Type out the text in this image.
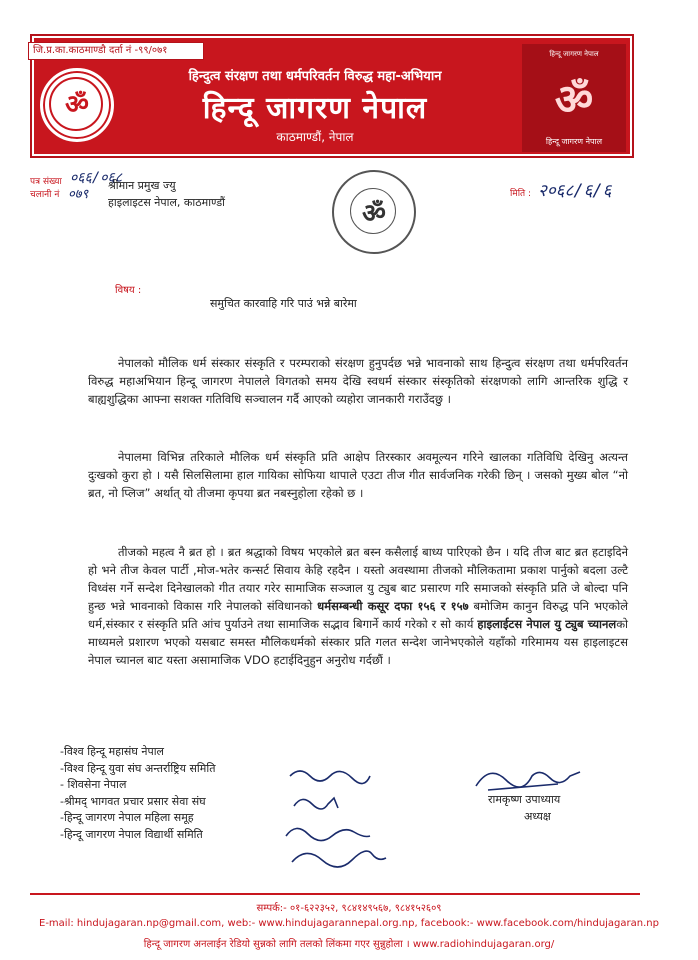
जि.प्र.का.काठमाण्डौ दर्ता नं -९९/०७१
ॐ
हिन्दुत्व संरक्षण तथा धर्मपरिवर्तन विरुद्ध महा-अभियान
हिन्दू जागरण नेपाल
काठमाण्डौं, नेपाल
हिन्दू जागरण नेपाल
ॐ
हिन्दू जागरण नेपाल
पत्र संख्या ०६६/०६८
चलानी नं ०७९
श्रीमान प्रमुख ज्यु
हाइलाइटस नेपाल, काठमाण्डौं	ॐ
मिति : २०६८/६/६
विषय :
समुचित कारवाहि गरि पाउं भन्ने बारेमा
नेपालको मौलिक धर्म संस्कार संस्कृति र परम्पराको संरक्षण हुनुपर्दछ भन्ने भावनाको साथ हिन्दुत्व संरक्षण तथा धर्मपरिवर्तन विरुद्ध महाअभियान हिन्दू जागरण नेपालले विगतको समय देखि स्वधर्म संस्कार संस्कृतिको संरक्षणको लागि आन्तरिक शुद्धि र बाह्यशुद्धिका आफ्ना सशक्त गतिविधि सञ्चालन गर्दै आएको व्यहोरा जानकारी गराउँदछु ।
नेपालमा विभिन्न तरिकाले मौलिक धर्म संस्कृति प्रति आक्षेप तिरस्कार अवमूल्यन गरिने खालका गतिविधि देखिनु अत्यन्त दुःखको कुरा हो । यसै सिलसिलामा हाल गायिका सोफिया थापाले एउटा तीज गीत सार्वजनिक गरेकी छिन् । जसको मुख्य बोल “नो ब्रत, नो प्लिज” अर्थात् यो तीजमा कृपया ब्रत नबस्नुहोला रहेको छ ।
तीजको महत्व नै ब्रत हो । ब्रत श्रद्धाको विषय भएकोले ब्रत बस्न कसैलाई बाध्य पारिएको छैन । यदि तीज बाट ब्रत हटाइदिने हो भने तीज केवल पार्टी ,मोज-भतेर कन्सर्ट सिवाय केहि रहदैन । यस्तो अवस्थामा तीजको मौलिकतामा प्रकाश पार्नुको बदला उल्टै विध्वंस गर्ने सन्देश दिनेखालको गीत तयार गरेर सामाजिक सञ्जाल यु ट्युब बाट प्रसारण गरि समाजको संस्कृति प्रति जे बोल्दा पनि हुन्छ भन्ने भावनाको विकास गरि नेपालको संविधानको धर्मसम्बन्धी कसूर दफा १५६ र १५७ बमोजिम कानुन विरुद्ध पनि भएकोले धर्म,संस्कार र संस्कृति प्रति आंच पुर्याउने तथा सामाजिक सद्भाव बिगार्ने कार्य गरेको र सो कार्य हाइलाईटस नेपाल यु ट्युब च्यानलको माध्यमले प्रशारण भएको यसबाट समस्त मौलिकधर्मको संस्कार प्रति गलत सन्देश जानेभएकोले यहाँको गरिमामय यस हाइलाइटस नेपाल च्यानल बाट यस्ता असामाजिक VDO हटाईदिनुहुन अनुरोध गर्दछौं ।
-विश्व हिन्दू महासंघ नेपाल
-विश्व हिन्दू युवा संघ अन्तर्राष्ट्रिय समिति
- शिवसेना नेपाल
-श्रीमद् भागवत प्रचार प्रसार सेवा संघ
-हिन्दू जागरण नेपाल महिला समूह
-हिन्दू जागरण नेपाल विद्यार्थी समिति
रामकृष्ण उपाध्याय
अध्यक्ष
सम्पर्क:- ०१-६२२३५२, ९८४१४९५६७, ९८४१५२६०९
E-mail: hindujagaran.np@gmail.com, web:- www.hindujagarannepal.org.np, facebook:- www.facebook.com/hindujagaran.np
हिन्दू जागरण अनलाईन रेडियो सुन्नको लागि तलको लिंकमा गएर सुन्नुहोला । www.radiohindujagaran.org/
